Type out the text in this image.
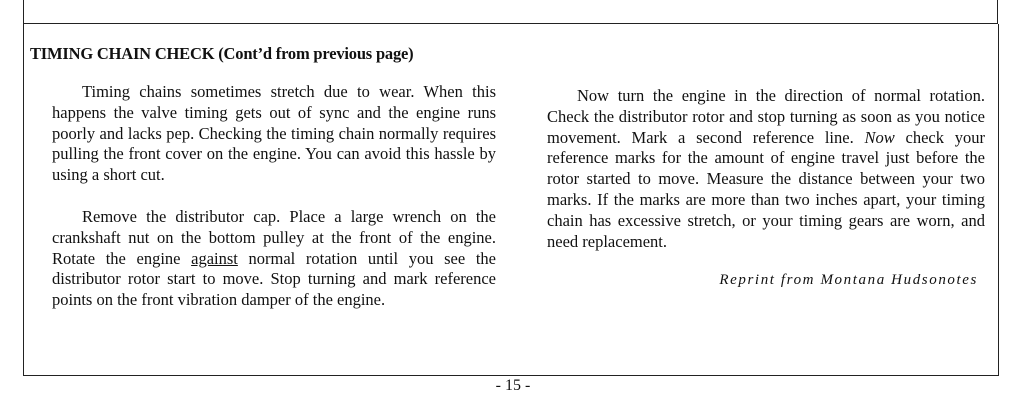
TIMING CHAIN CHECK (Cont’d from previous page)

Timing chains sometimes stretch due to wear. When this happens the valve timing gets out of sync and the engine runs poorly and lacks pep. Checking the timing chain normally requires pulling the front cover on the engine. You can avoid this hassle by using a short cut.

Remove the distributor cap. Place a large wrench on the crankshaft nut on the bottom pulley at the front of the engine. Rotate the engine against normal rotation until you see the distributor rotor start to move. Stop turning and mark reference points on the front vibration damper of the engine.

Now turn the engine in the direction of normal rotation. Check the distributor rotor and stop turning as soon as you notice movement. Mark a second reference line. Now check your reference marks for the amount of engine travel just before the rotor started to move. Measure the distance between your two marks. If the marks are more than two inches apart, your timing chain has excessive stretch, or your timing gears are worn, and need replacement.

Reprint from Montana Hudsonotes
- 15 -
